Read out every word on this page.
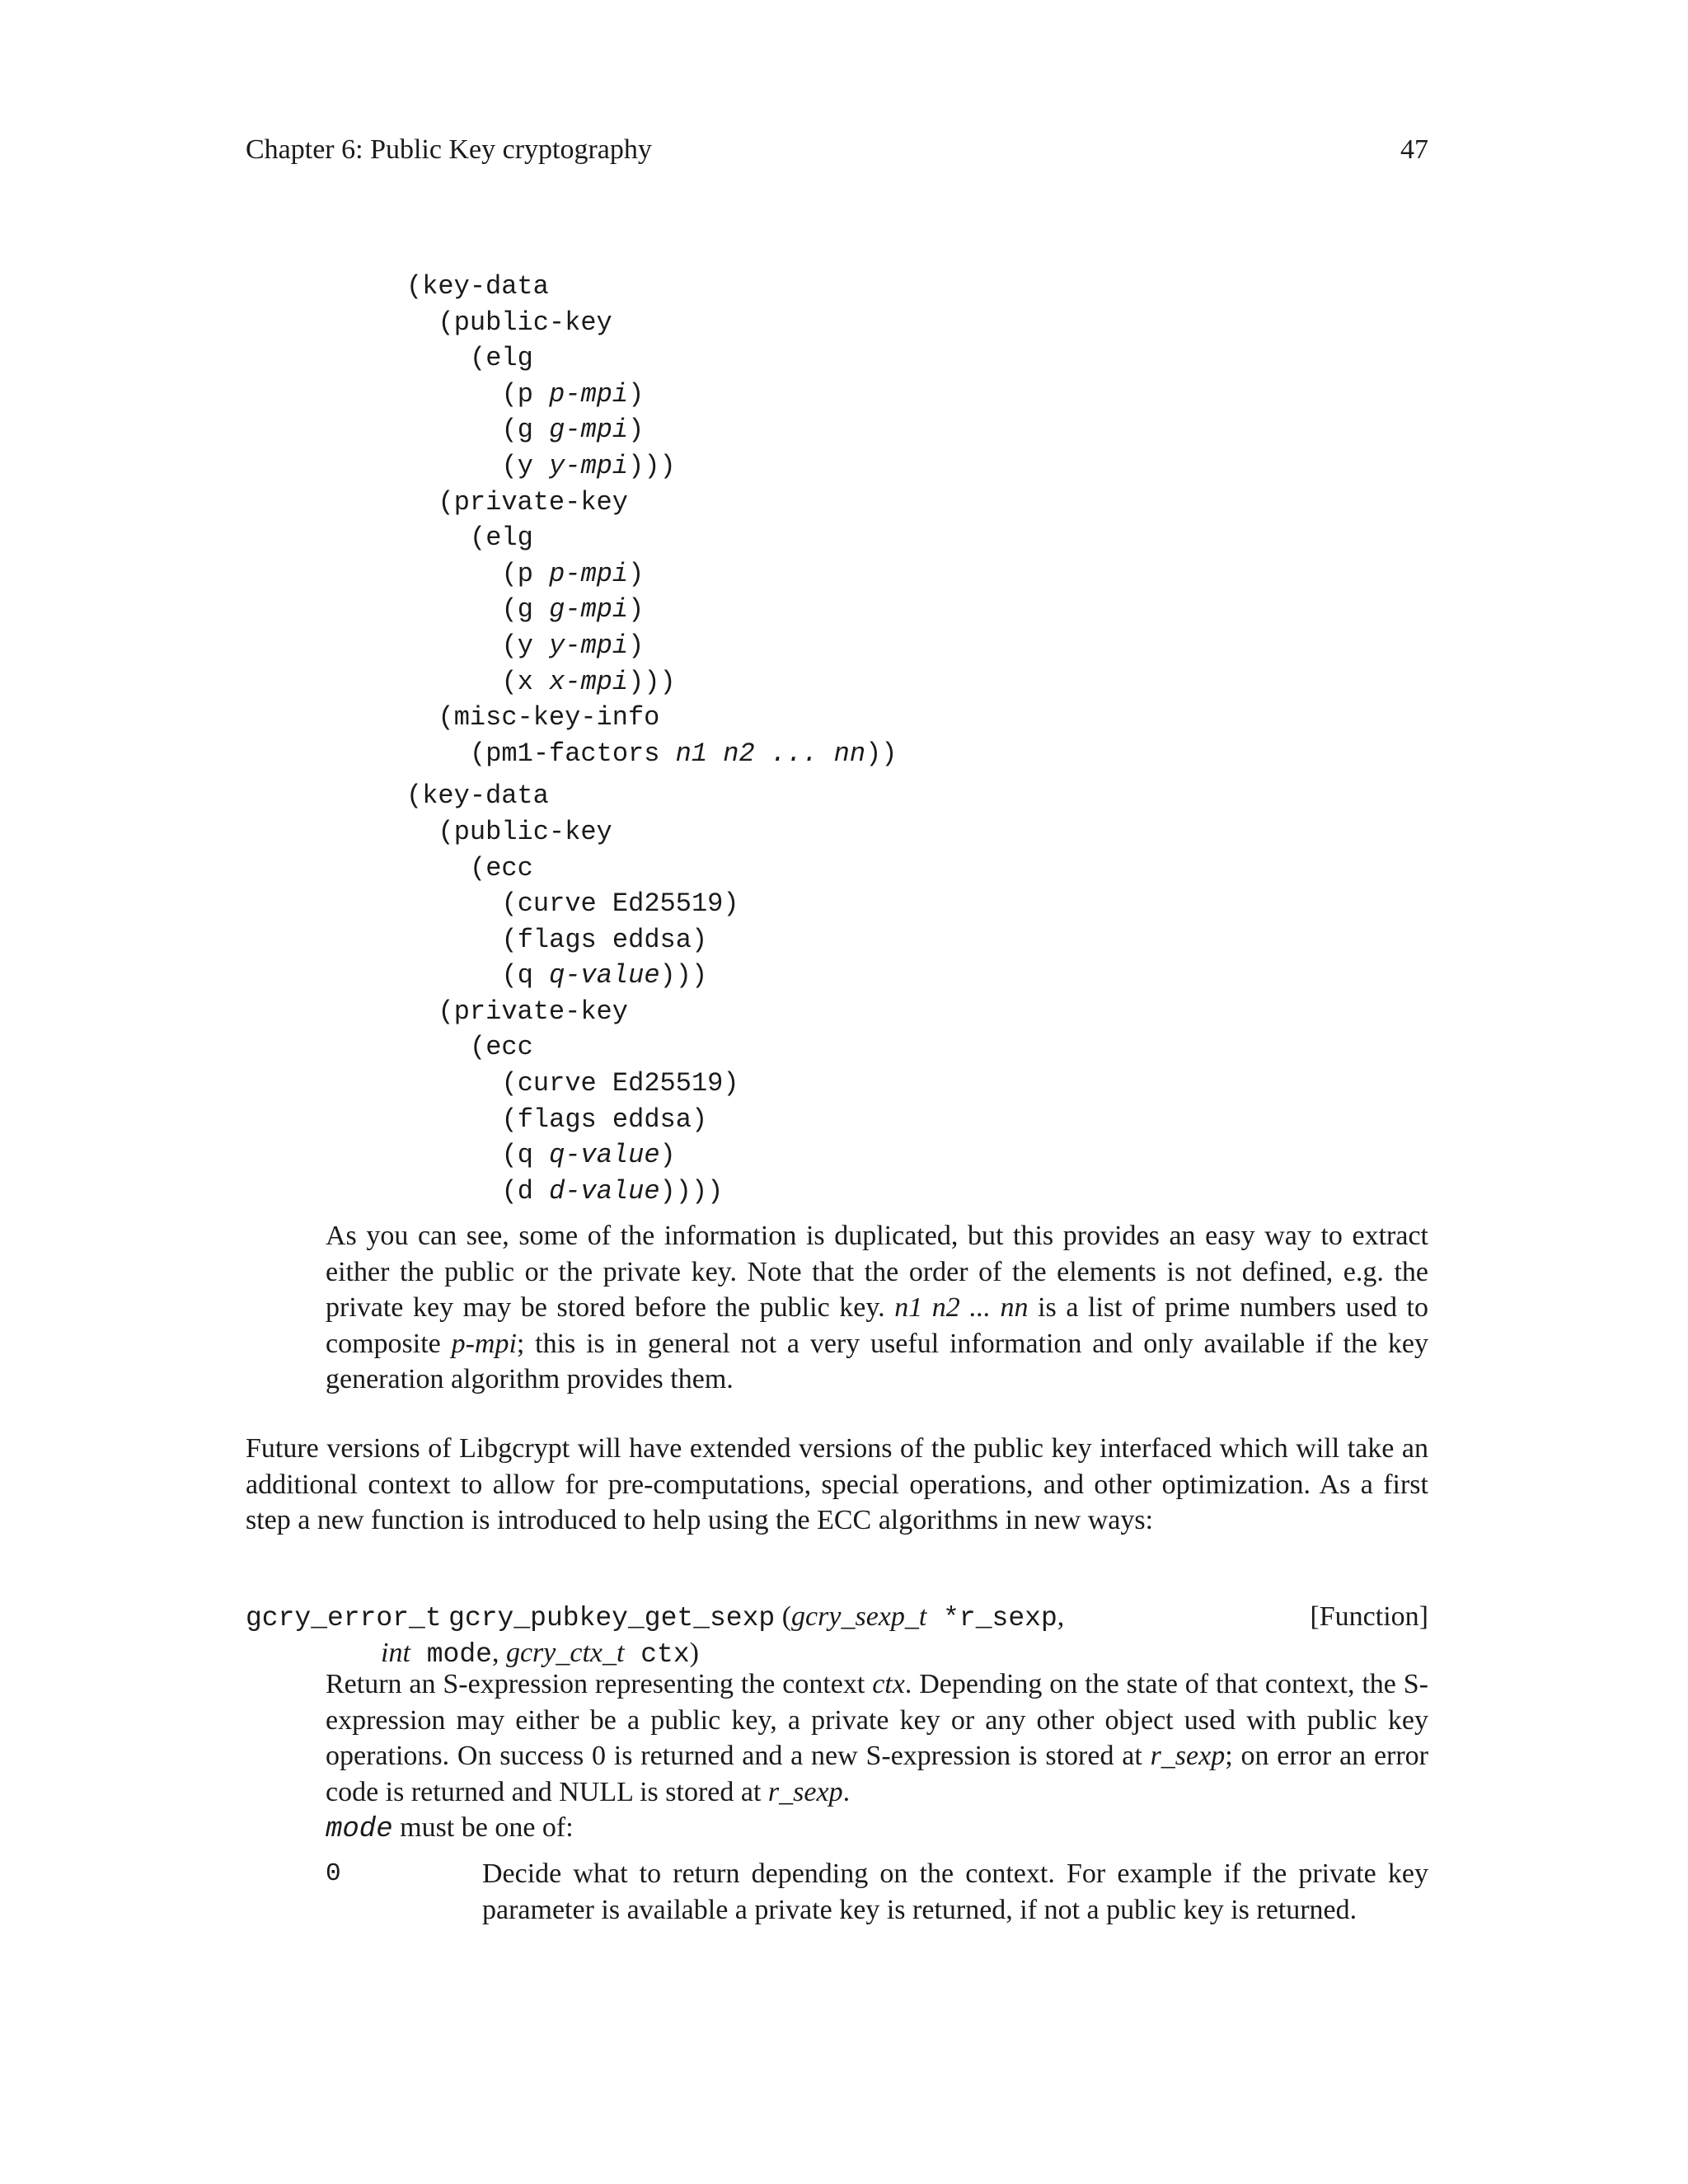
Chapter 6: Public Key cryptography	47
(key-data
(public-key
(elg
(p p-mpi)
(g g-mpi)
(y y-mpi)))
(private-key
(elg
(p p-mpi)
(g g-mpi)
(y y-mpi)
(x x-mpi)))
(misc-key-info
(pm1-factors n1 n2 ... nn))
(key-data
(public-key
(ecc
(curve Ed25519)
(flags eddsa)
(q q-value)))
(private-key
(ecc
(curve Ed25519)
(flags eddsa)
(q q-value)
(d d-value))))

As you can see, some of the information is duplicated, but this provides an easy way to extract either the public or the private key. Note that the order of the elements is not defined, e.g. the private key may be stored before the public key. n1 n2 ... nn is a list of prime numbers used to composite p-mpi; this is in general not a very useful information and only available if the key generation algorithm provides them.

Future versions of Libgcrypt will have extended versions of the public key interfaced which will take an additional context to allow for pre-computations, special operations, and other optimization. As a first step a new function is introduced to help using the ECC algorithms in new ways:

gcry_error_t gcry_pubkey_get_sexp (gcry_sexp_t *r_sexp,	[Function]
int mode, gcry_ctx_t ctx)

Return an S-expression representing the context ctx. Depending on the state of that context, the S-expression may either be a public key, a private key or any other object used with public key operations. On success 0 is returned and a new S-expression is stored at r_sexp; on error an error code is returned and NULL is stored at r_sexp.
mode must be one of:

0	Decide what to return depending on the context. For example if the private key parameter is available a private key is returned, if not a public key is returned.
